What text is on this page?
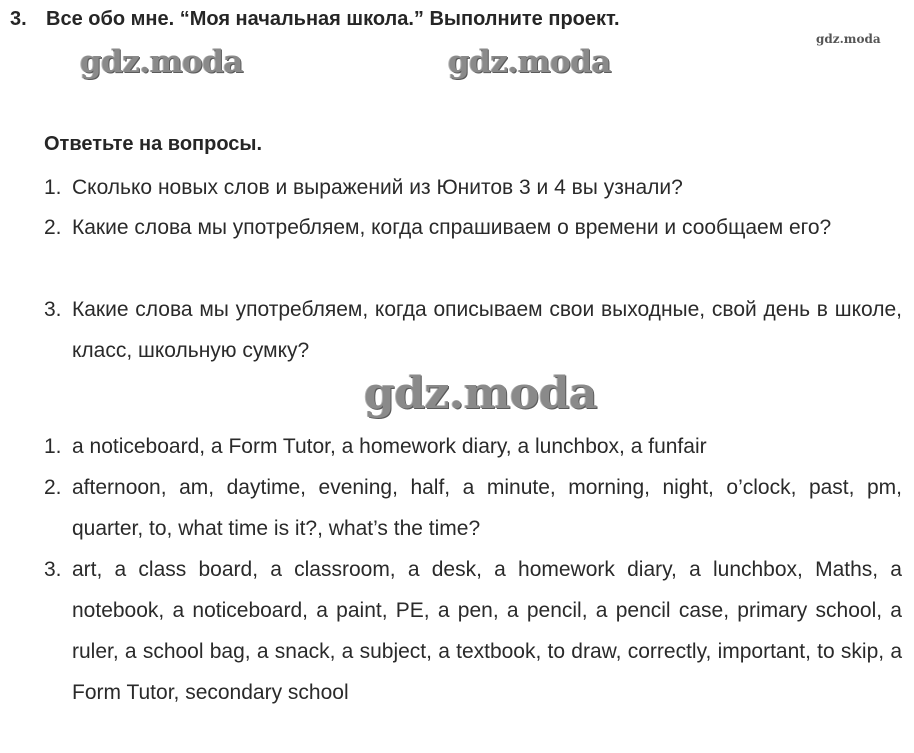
3. Все обо мне. “Моя начальная школа.” Выполните проект.
gdz.moda
gdz.moda	gdz.moda
Ответьте на вопросы.
1. Сколько новых слов и выражений из Юнитов 3 и 4 вы узнали?
2. Какие слова мы употребляем, когда спрашиваем о времени и сообщаем его?
3. Какие слова мы употребляем, когда описываем свои выходные, свой день в школе, класс, школьную сумку?
gdz.moda
1. a noticeboard, a Form Tutor, a homework diary, a lunchbox, a funfair
2. afternoon, am, daytime, evening, half, a minute, morning, night, o’clock, past, pm, quarter, to, what time is it?, what’s the time?
3. art, a class board, a classroom, a desk, a homework diary, a lunchbox, Maths, a notebook, a noticeboard, a paint, PE, a pen, a pencil, a pencil case, primary school, a ruler, a school bag, a snack, a subject, a textbook, to draw, correctly, important, to skip, a Form Tutor, secondary school
